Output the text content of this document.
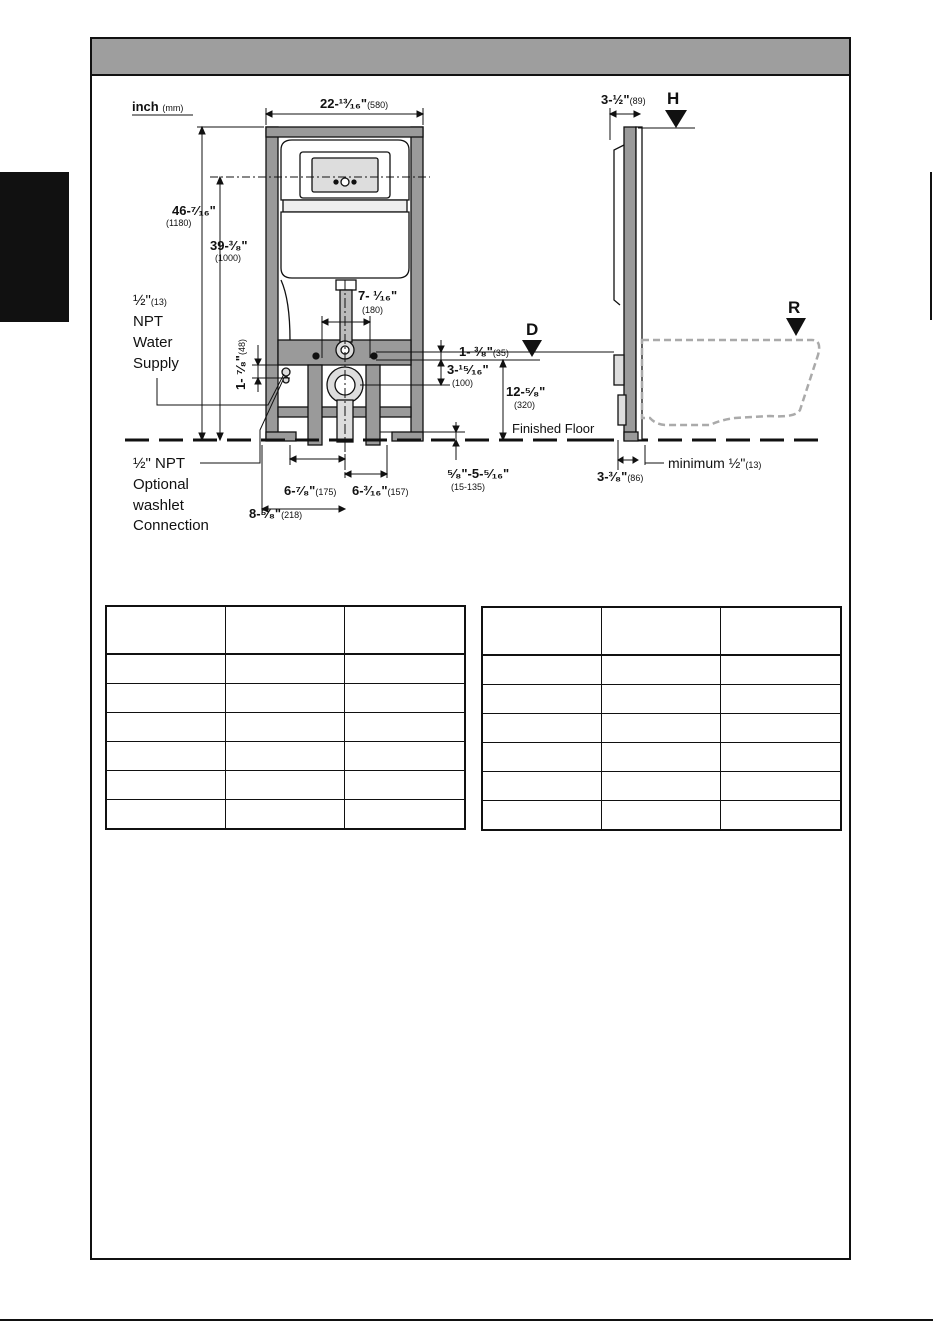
inch (mm)	22-¹³⁄₁₆"(580)
46-⁷⁄₁₆"
(1180)
39-³⁄₈"
(1000)
7- ¹⁄₁₆"
(180)
1- ⁷⁄₈"(48)	1- ³⁄₈"(35)
3-¹⁵⁄₁₆"
(100)
12-⁵⁄₈"
(320)
Finished Floor
D
⁵⁄₈"-5-⁵⁄₁₆"
(15-135)
6-⁷⁄₈"(175) 6-³⁄₁₆"(157)
8-⁵⁄₈"(218)
½"(13)
NPT
Water
Supply
½" NPT
Optional
washlet
Connection
3-½"(89) H
R
3-³⁄₈"(86)
minimum ½"(13)
